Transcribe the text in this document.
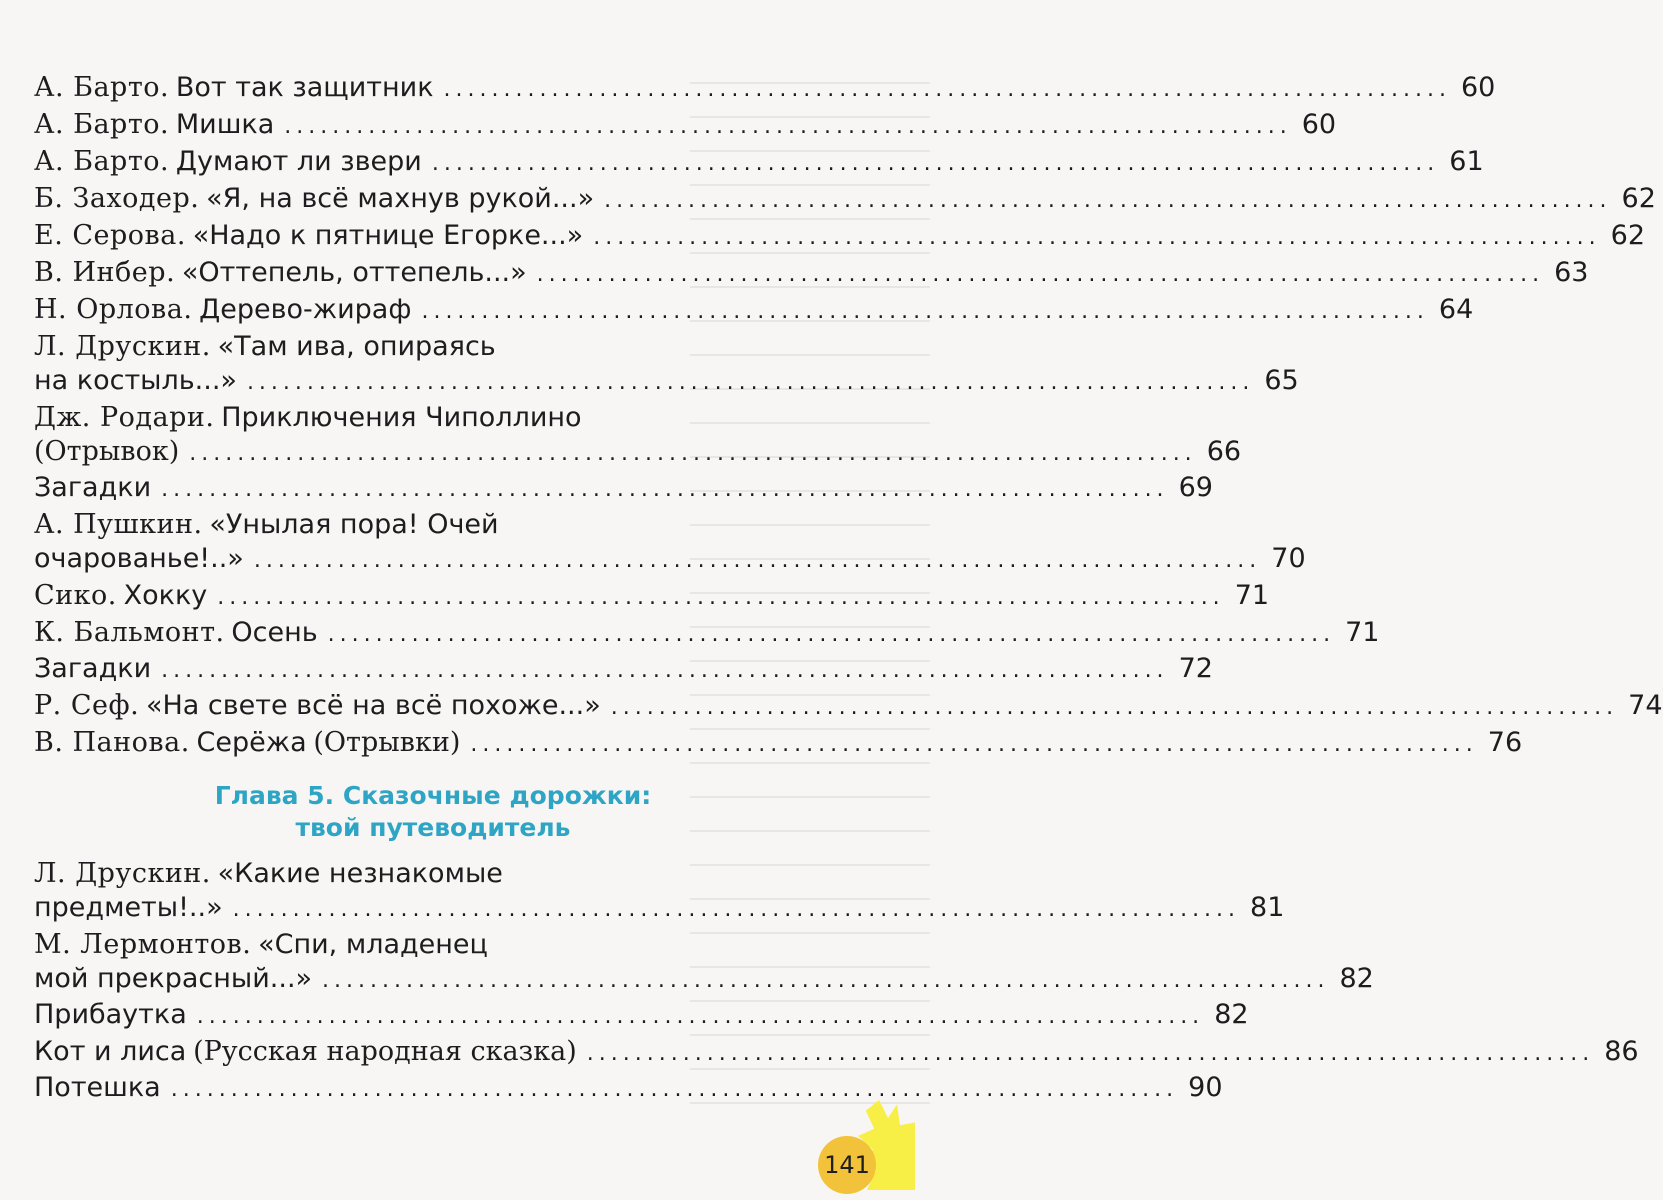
А. Барто. Вот так защитник .................................................................................... 60
А. Барто. Мишка .................................................................................... 60
А. Барто. Думают ли звери .................................................................................... 61
Б. Заходер. «Я, на всё махнув рукой...» .................................................................................... 62
Е. Серова. «Надо к пятнице Егорке...» .................................................................................... 62
В. Инбер. «Оттепель, оттепель...» .................................................................................... 63
Н. Орлова. Дерево-жираф .................................................................................... 64
Л. Друскин. «Там ива, опираясь
на костыль...» .................................................................................... 65
Дж. Родари. Приключения Чиполлино
(Отрывок) .................................................................................... 66
Загадки .................................................................................... 69
А. Пушкин. «Унылая пора! Очей
очарованье!..» .................................................................................... 70
Сико. Хокку .................................................................................... 71
К. Бальмонт. Осень .................................................................................... 71
Загадки .................................................................................... 72
Р. Сеф. «На свете всё на всё похоже...» .................................................................................... 74
В. Панова. Серёжа (Отрывки) .................................................................................... 76
Глава 5. Сказочные дорожки:
твой путеводитель
Л. Друскин. «Какие незнакомые
предметы!..» .................................................................................... 81
М. Лермонтов. «Спи, младенец
мой прекрасный...» .................................................................................... 82
Прибаутка .................................................................................... 82
Кот и лиса (Русская народная сказка) .................................................................................... 86
Потешка .................................................................................... 90
141
